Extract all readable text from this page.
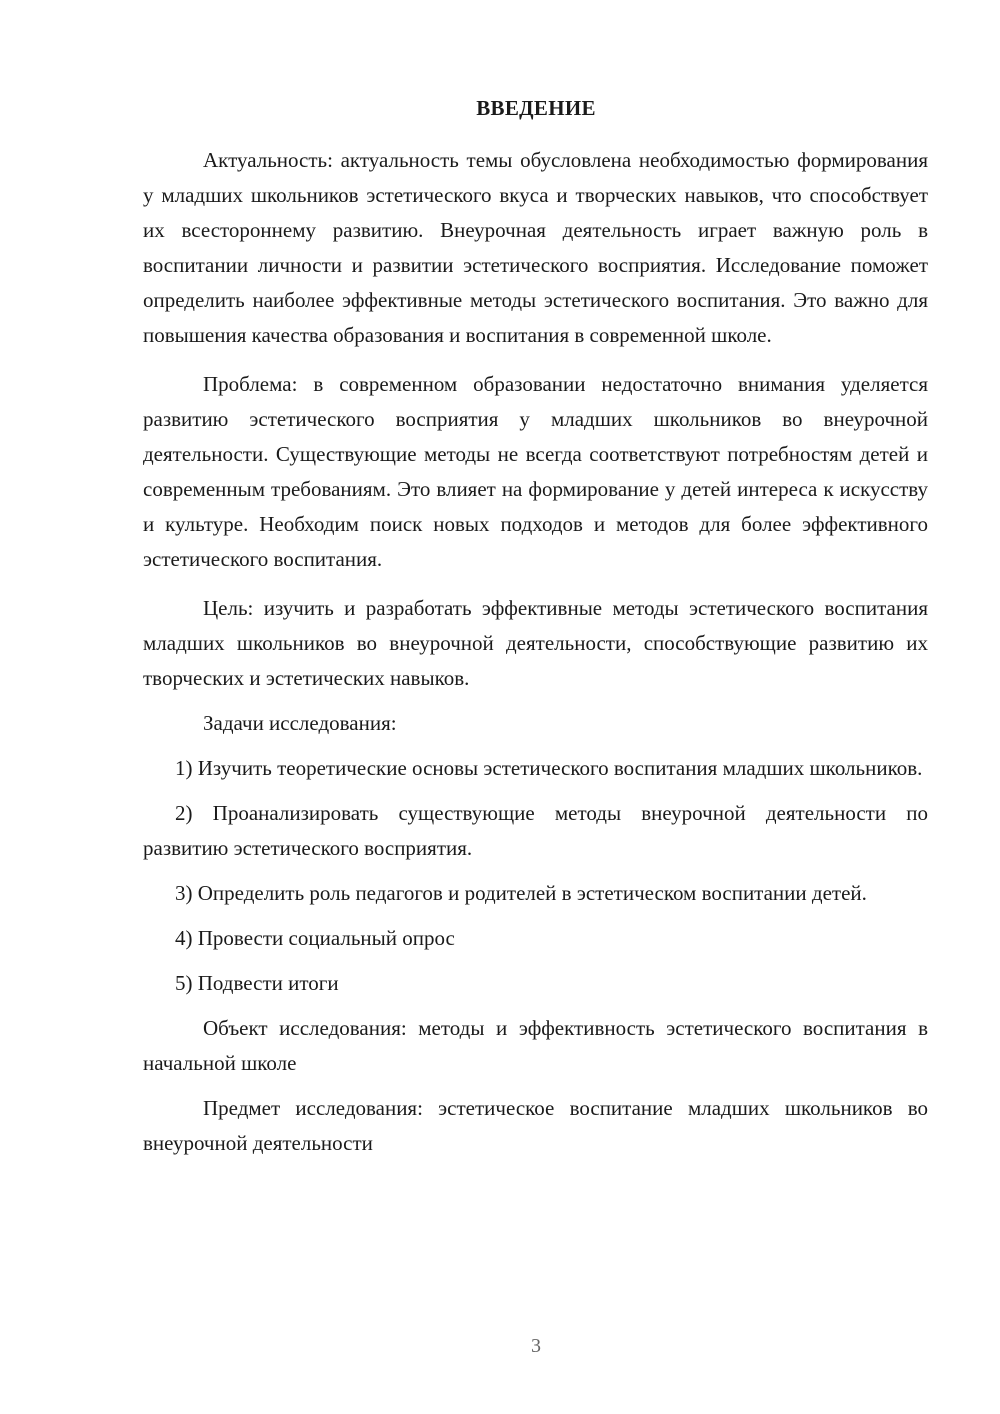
ВВЕДЕНИЕ

Актуальность: актуальность темы обусловлена необходимостью формирования у младших школьников эстетического вкуса и творческих навыков, что способствует их всестороннему развитию. Внеурочная деятельность играет важную роль в воспитании личности и развитии эстетического восприятия. Исследование поможет определить наиболее эффективные методы эстетического воспитания. Это важно для повышения качества образования и воспитания в современной школе.

Проблема: в современном образовании недостаточно внимания уделяется развитию эстетического восприятия у младших школьников во внеурочной деятельности. Существующие методы не всегда соответствуют потребностям детей и современным требованиям. Это влияет на формирование у детей интереса к искусству и культуре. Необходим поиск новых подходов и методов для более эффективного эстетического воспитания.

Цель: изучить и разработать эффективные методы эстетического воспитания младших школьников во внеурочной деятельности, способствующие развитию их творческих и эстетических навыков.

Задачи исследования:

1) Изучить теоретические основы эстетического воспитания младших школьников.

2) Проанализировать существующие методы внеурочной деятельности по развитию эстетического восприятия.

3) Определить роль педагогов и родителей в эстетическом воспитании детей.

4) Провести социальный опрос

5) Подвести итоги

Объект исследования: методы и эффективность эстетического воспитания в начальной школе

Предмет исследования: эстетическое воспитание младших школьников во внеурочной деятельности

3
